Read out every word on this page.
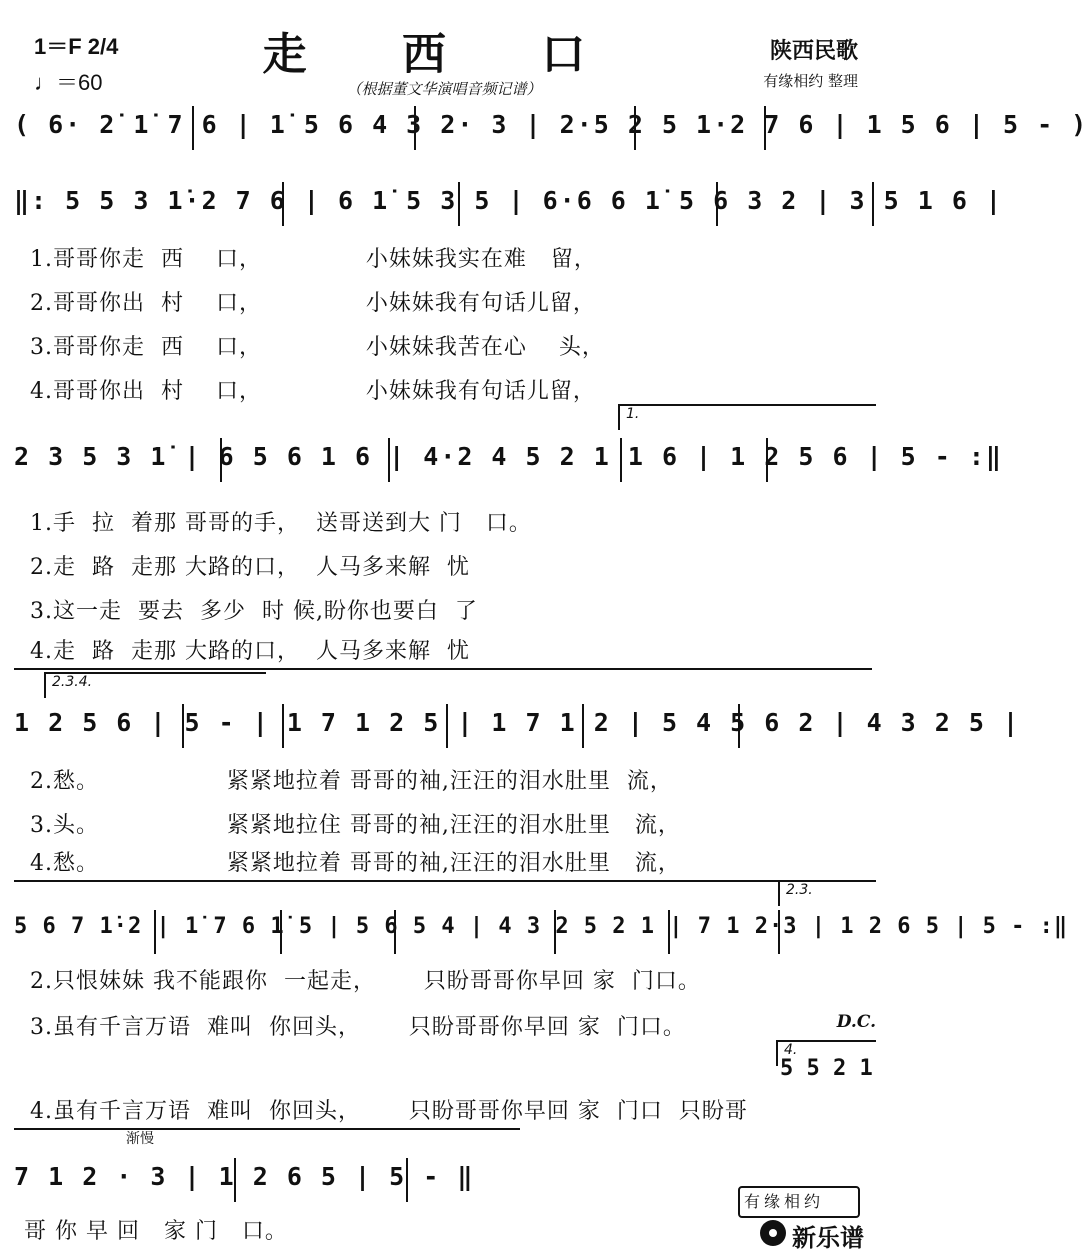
走 西 口
1＝F 2/4
♩＝60
陕西民歌
（根据董文华演唱音频记谱）	有缘相约 整理
( 6· 2̇ 1̇ 7 6 | 1̇ 5 6 4 3 2· 3 | 2·5 2 5 1·2 7 6 | 1 5 6 | 5 - )
‖: 5 5 3 1̇·2 7 6 | 6 1̇ 5 3 5 | 6·6 6 1̇ 5 6 3 2 | 3 5 1 6 |
1.哥哥你走  西    口，             小妹妹我实在难   留，
2.哥哥你出  村    口，             小妹妹我有句话儿留，
3.哥哥你走  西    口，             小妹妹我苦在心    头，
4.哥哥你出  村    口，             小妹妹我有句话儿留，
1.
2 3 5 3 1̇ | 6 5 6 1 6 | 4·2 4 5 2 1 1 6 | 1 2 5 6 | 5 - :‖
1.手  拉  着那 哥哥的手，  送哥送到大 门   口。
2.走  路  走那 大路的口，  人马多来解  忧
3.这一走  要去  多少  时 候,盼你也要白  了
4.走  路  走那 大路的口，  人马多来解  忧
2.3.4.
1 2 5 6 | 5 - | 1 7 1 2 5 | 1 7 1 2 | 5 4 5 6 2 | 4 3 2 5 |
2.愁。                紧紧地拉着 哥哥的袖,汪汪的泪水肚里  流，
3.头。                紧紧地拉住 哥哥的袖,汪汪的泪水肚里   流，
4.愁。                紧紧地拉着 哥哥的袖,汪汪的泪水肚里   流，
2.3.
5 6 7 1̇·2 | 1̇ 7 6 1̇ 5 | 5 6 5 4 | 4 3 2 5 2 1 | 7 1 2·3 | 1 2 6 5 | 5 - :‖
2.只恨妹妹 我不能跟你  一起走，      只盼哥哥你早回 家  门口。
3.虽有千言万语  难叫  你回头，      只盼哥哥你早回 家  门口。	D.C.
4.
5 5 2 1
4.虽有千言万语  难叫  你回头，      只盼哥哥你早回 家  门口  只盼哥
渐慢
7 1 2 · 3 | 1 2 6 5 | 5 - ‖
哥 你 早 回   家 门   口。
有缘相约
新乐谱
